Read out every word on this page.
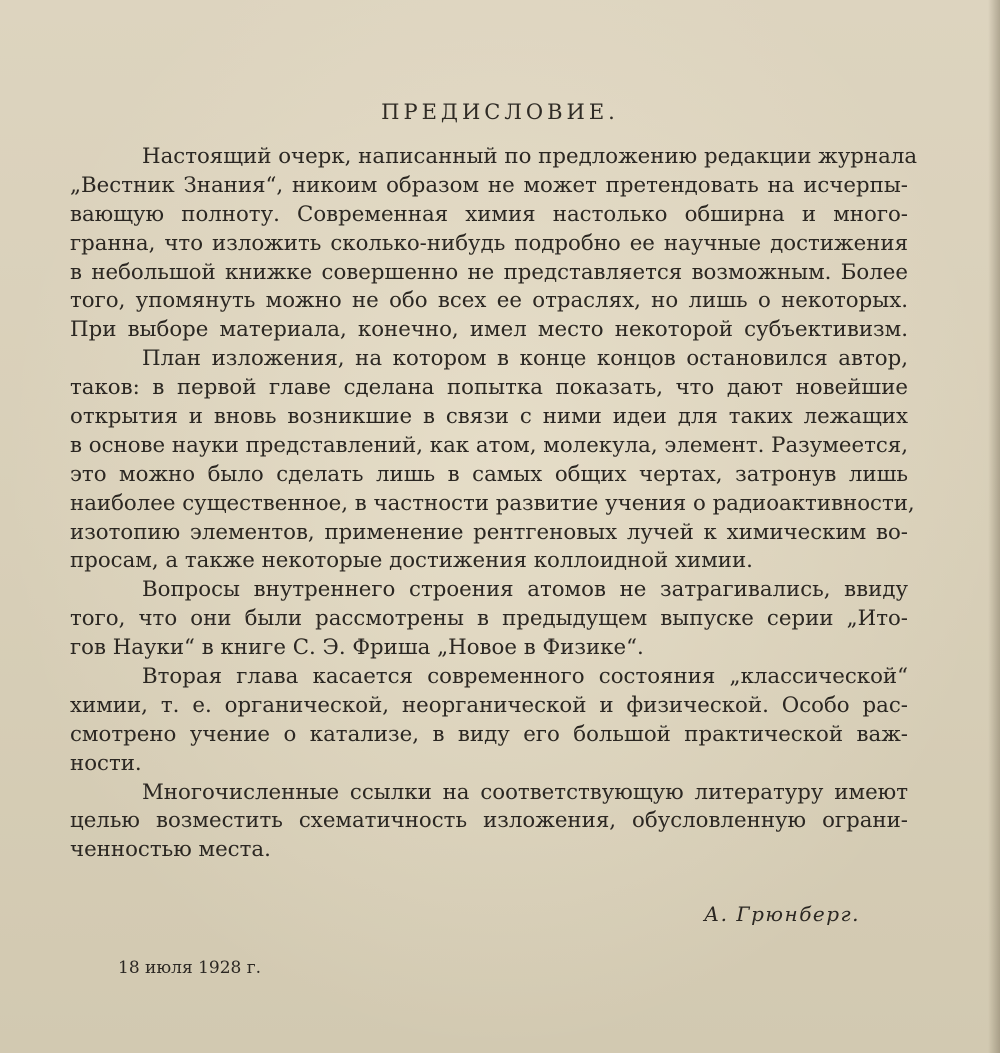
ПРЕДИСЛОВИЕ.
Настоящий очерк, написанный по предложению редакции журнала
„Вестник Знания“, никоим образом не может претендовать на исчерпы-
вающую полноту. Современная химия настолько обширна и много-
гранна, что изложить сколько-нибудь подробно ее научные достижения
в небольшой книжке совершенно не представляется возможным. Более
того, упомянуть можно не обо всех ее отраслях, но лишь о некоторых.
При выборе материала, конечно, имел место некоторой субъективизм.
План изложения, на котором в конце концов остановился автор,
таков: в первой главе сделана попытка показать, что дают новейшие
открытия и вновь возникшие в связи с ними идеи для таких лежащих
в основе науки представлений, как атом, молекула, элемент. Разумеется,
это можно было сделать лишь в самых общих чертах, затронув лишь
наиболее существенное, в частности развитие учения о радиоактивности,
изотопию элементов, применение рентгеновых лучей к химическим во-
просам, а также некоторые достижения коллоидной химии.
Вопросы внутреннего строения атомов не затрагивались, ввиду
того, что они были рассмотрены в предыдущем выпуске серии „Ито-
гов Науки“ в книге С. Э. Фриша „Новое в Физике“.
Вторая глава касается современного состояния „классической“
химии, т. е. органической, неорганической и физической. Особо рас-
смотрено учение о катализе, в виду его большой практической важ-
ности.
Многочисленные ссылки на соответствующую литературу имеют
целью возместить схематичность изложения, обусловленную ограни-
ченностью места.
А. Грюнберг.
18 июля 1928 г.
